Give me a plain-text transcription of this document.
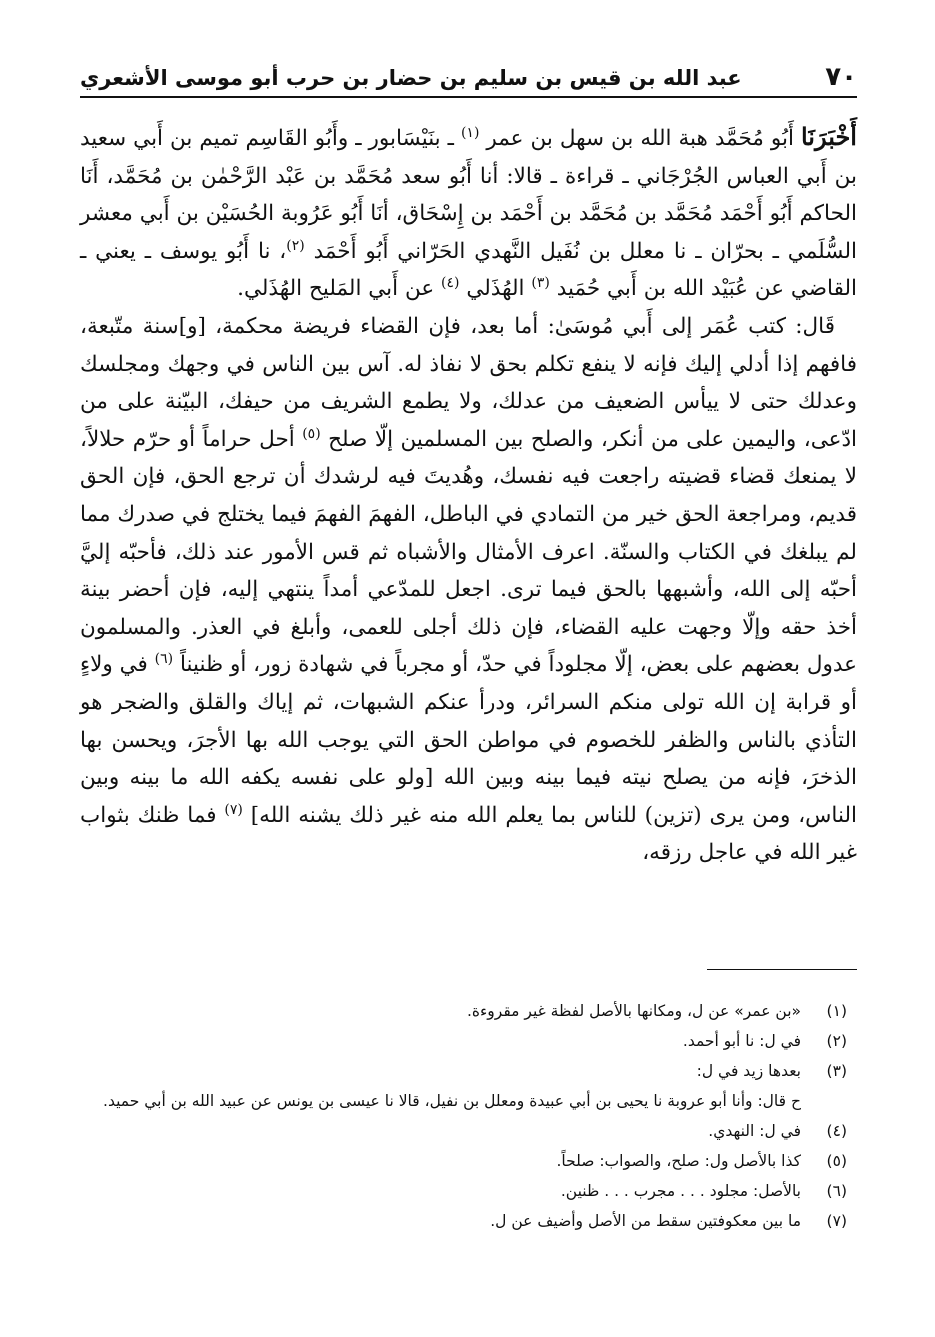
٧٠
عبد الله بن قيس بن سليم بن حضار بن حرب أبو موسى الأشعري

أَخْبَرَنَا أَبُو مُحَمَّد هبة الله بن سهل بن عمر $^{(١)}$ ـ بنَيْسَابور ـ وأَبُو القَاسِم تميم بن أَبي سعيد بن أَبي العباس الجُرْجَاني ـ قراءة ـ قالا: أنا أَبُو سعد مُحَمَّد بن عَبْد الرَّحْمٰن بن مُحَمَّد، أَنَا الحاكم أَبُو أَحْمَد مُحَمَّد بن مُحَمَّد بن أَحْمَد بن إِسْحَاق، أنَا أَبُو عَرُوبة الحُسَيْن بن أَبي معشر السُّلَمي ـ بحرّان ـ نا معلل بن نُفَيل النَّهدي الحَرّاني أَبُو أَحْمَد $^{(٢)}$، نا أَبُو يوسف ـ يعني ـ القاضي عن عُبَيْد الله بن أَبي حُمَيد $^{(٣)}$ الهُذَلي $^{(٤)}$ عن أَبي المَليح الهُذَلي.

قَال: كتب عُمَر إلى أَبي مُوسَىٰ: أما بعد، فإن القضاء فريضة محكمة، [و]سنة متّبعة، فافهم إذا أدلي إليك فإنه لا ينفع تكلم بحق لا نفاذ له. آس بين الناس في وجهك ومجلسك وعدلك حتى لا ييأس الضعيف من عدلك، ولا يطمع الشريف من حيفك، البيّنة على من ادّعى، واليمين على من أنكر، والصلح بين المسلمين إلّا صلح $^{(٥)}$ أحل حراماً أو حرّم حلالاً، لا يمنعك قضاء قضيته راجعت فيه نفسك، وهُديتَ فيه لرشدك أن ترجع الحق، فإن الحق قديم، ومراجعة الحق خير من التمادي في الباطل، الفهمَ الفهمَ فيما يختلج في صدرك مما لم يبلغك في الكتاب والسنّة. اعرف الأمثال والأشباه ثم قس الأمور عند ذلك، فأحبّه إليَّ أحبّه إلى الله، وأشبهها بالحق فيما ترى. اجعل للمدّعي أمداً ينتهي إليه، فإن أحضر بينة أخذ حقه وإلّا وجهت عليه القضاء، فإن ذلك أجلى للعمى، وأبلغ في العذر. والمسلمون عدول بعضهم على بعض، إلّا مجلوداً في حدّ، أو مجرباً في شهادة زور، أو ظنيناً $^{(٦)}$ في ولاءٍ أو قرابة إن الله تولى منكم السرائر، ودرأ عنكم الشبهات، ثم إياك والقلق والضجر هو التأذي بالناس والظفر للخصوم في مواطن الحق التي يوجب الله بها الأجرَ، ويحسن بها الذخرَ، فإنه من يصلح نيته فيما بينه وبين الله [ولو على نفسه يكفه الله ما بينه وبين الناس، ومن يرى (تزين) للناس بما يعلم الله منه غير ذلك يشنه الله] $^{(٧)}$ فما ظنك بثواب غير الله في عاجل رزقه،

(١)
«بن عمر» عن ل، ومكانها بالأصل لفظة غير مقروءة.
(٢)
في ل: نا أبو أحمد.
(٣)
بعدها زيد في ل:
ح قال: وأنا أبو عروبة نا يحيى بن أبي عبيدة ومعلل بن نفيل، قالا نا عيسى بن يونس عن عبيد الله بن أبي حميد.
(٤)
في ل: النهدي.
(٥)
كذا بالأصل ول: صلح، والصواب: صلحاً.
(٦)
بالأصل: مجلود . . . مجرب . . . ظنين.
(٧)
ما بين معكوفتين سقط من الأصل وأضيف عن ل.
